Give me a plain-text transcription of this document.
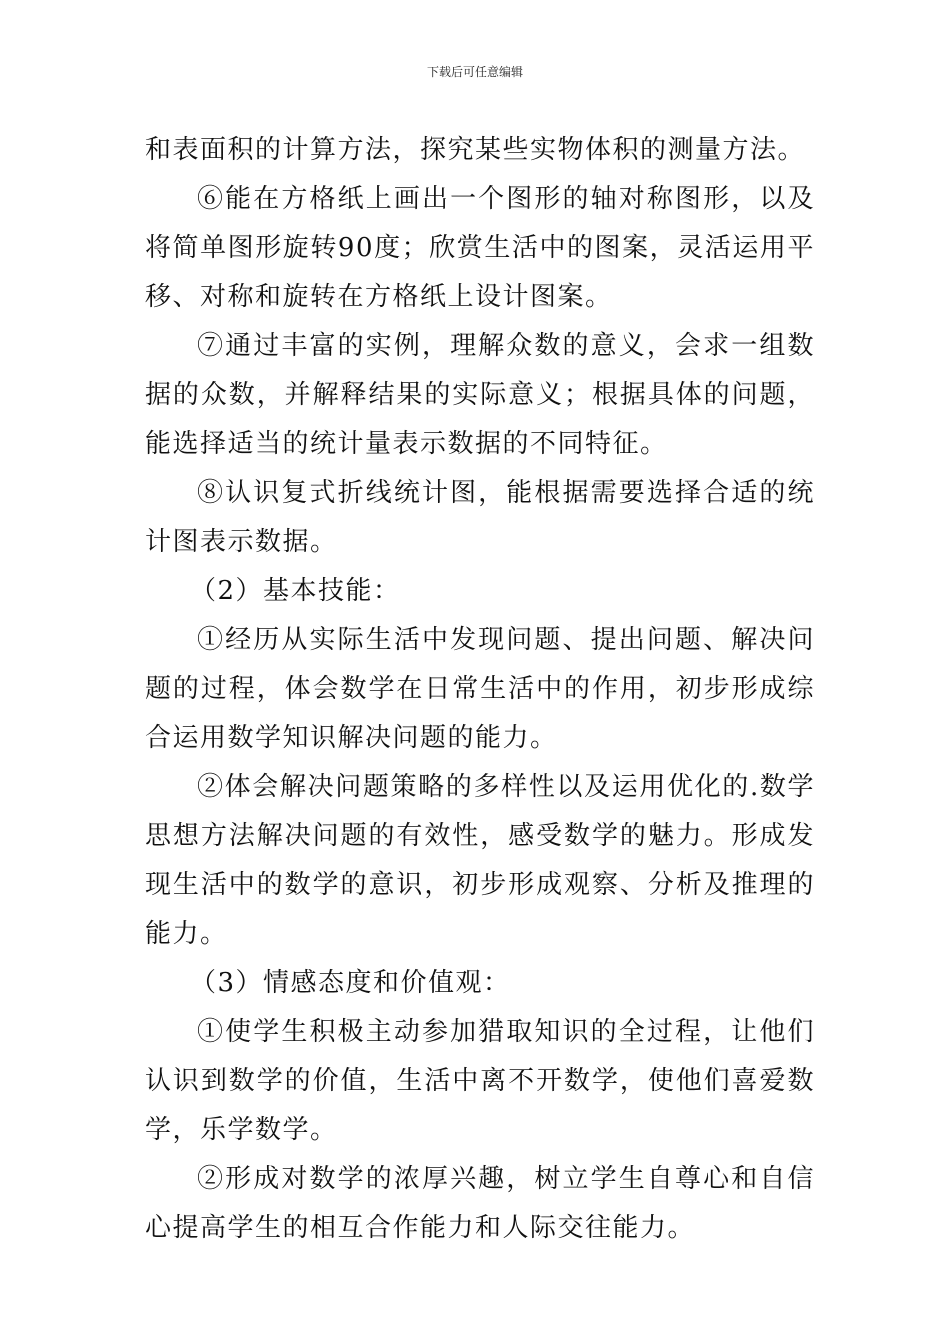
下载后可任意编辑

和表面积的计算方法，探究某些实物体积的测量方法。

⑥能在方格纸上画出一个图形的轴对称图形，以及将简单图形旋转90度；欣赏生活中的图案，灵活运用平移、对称和旋转在方格纸上设计图案。

⑦通过丰富的实例，理解众数的意义，会求一组数据的众数，并解释结果的实际意义；根据具体的问题，能选择适当的统计量表示数据的不同特征。

⑧认识复式折线统计图，能根据需要选择合适的统计图表示数据。

（2）基本技能：

①经历从实际生活中发现问题、提出问题、解决问题的过程，体会数学在日常生活中的作用，初步形成综合运用数学知识解决问题的能力。

②体会解决问题策略的多样性以及运用优化的.数学思想方法解决问题的有效性，感受数学的魅力。形成发现生活中的数学的意识，初步形成观察、分析及推理的能力。

（3）情感态度和价值观：

①使学生积极主动参加猎取知识的全过程，让他们认识到数学的价值，生活中离不开数学，使他们喜爱数学，乐学数学。

②形成对数学的浓厚兴趣，树立学生自尊心和自信心提高学生的相互合作能力和人际交往能力。
